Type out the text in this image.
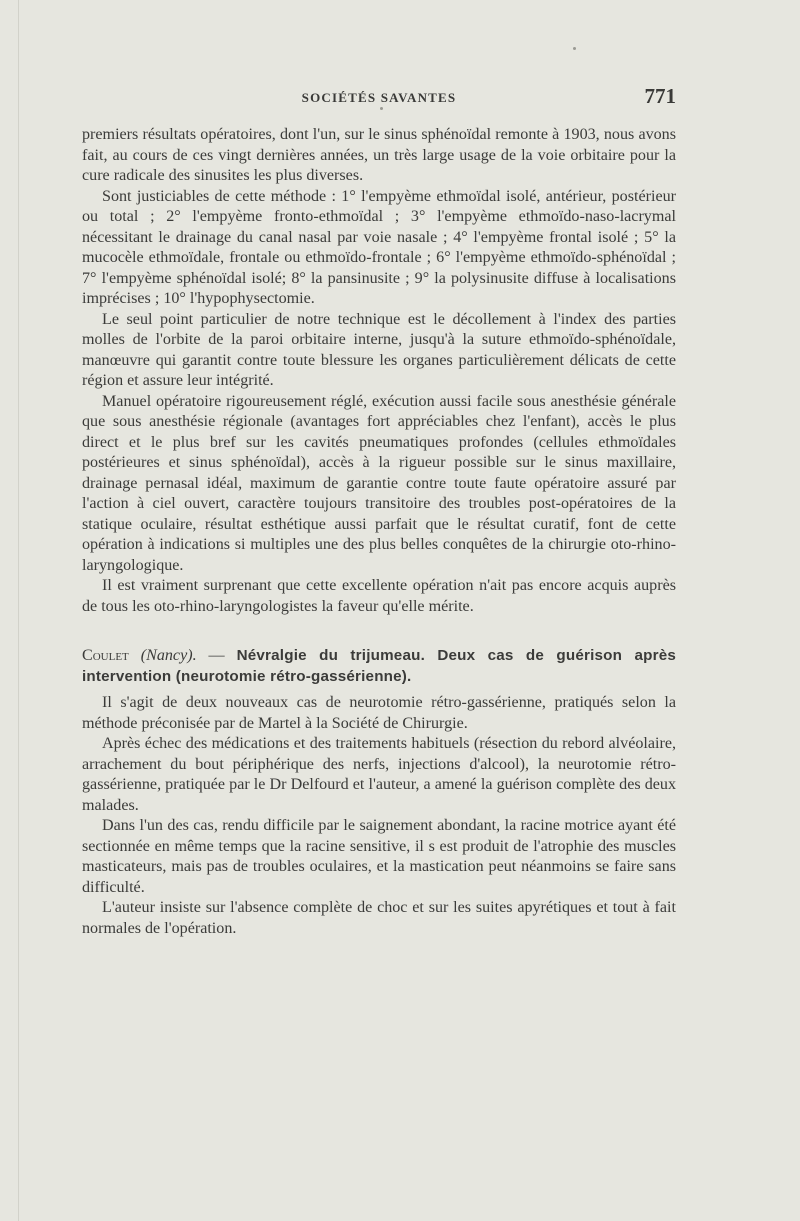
SOCIÉTÉS SAVANTES	771

premiers résultats opératoires, dont l'un, sur le sinus sphénoïdal remonte à 1903, nous avons fait, au cours de ces vingt dernières années, un très large usage de la voie orbitaire pour la cure radicale des sinusites les plus diverses.

Sont justiciables de cette méthode : 1° l'empyème ethmoïdal isolé, antérieur, postérieur ou total ; 2° l'empyème fronto-ethmoïdal ; 3° l'empyème ethmoïdo-naso-lacrymal nécessitant le drainage du canal nasal par voie nasale ; 4° l'empyème frontal isolé ; 5° la mucocèle ethmoïdale, frontale ou ethmoïdo-frontale ; 6° l'empyème ethmoïdo-sphénoïdal ; 7° l'empyème sphénoïdal isolé; 8° la pansinusite ; 9° la polysinusite diffuse à localisations imprécises ; 10° l'hypophysectomie.

Le seul point particulier de notre technique est le décollement à l'index des parties molles de l'orbite de la paroi orbitaire interne, jusqu'à la suture ethmoïdo-sphénoïdale, manœuvre qui garantit contre toute blessure les organes particulièrement délicats de cette région et assure leur intégrité.

Manuel opératoire rigoureusement réglé, exécution aussi facile sous anesthésie générale que sous anesthésie régionale (avantages fort appréciables chez l'enfant), accès le plus direct et le plus bref sur les cavités pneumatiques profondes (cellules ethmoïdales postérieures et sinus sphénoïdal), accès à la rigueur possible sur le sinus maxillaire, drainage pernasal idéal, maximum de garantie contre toute faute opératoire assuré par l'action à ciel ouvert, caractère toujours transitoire des troubles post-opératoires de la statique oculaire, résultat esthétique aussi parfait que le résultat curatif, font de cette opération à indications si multiples une des plus belles conquêtes de la chirurgie oto-rhino-laryngologique.

Il est vraiment surprenant que cette excellente opération n'ait pas encore acquis auprès de tous les oto-rhino-laryngologistes la faveur qu'elle mérite.

Coulet (Nancy). — Névralgie du trijumeau. Deux cas de guérison après intervention (neurotomie rétro-gassérienne).

Il s'agit de deux nouveaux cas de neurotomie rétro-gassérienne, pratiqués selon la méthode préconisée par de Martel à la Société de Chirurgie.

Après échec des médications et des traitements habituels (résection du rebord alvéolaire, arrachement du bout périphérique des nerfs, injections d'alcool), la neurotomie rétro-gassérienne, pratiquée par le Dr Delfourd et l'auteur, a amené la guérison complète des deux malades.

Dans l'un des cas, rendu difficile par le saignement abondant, la racine motrice ayant été sectionnée en même temps que la racine sensitive, il s est produit de l'atrophie des muscles masticateurs, mais pas de troubles oculaires, et la mastication peut néanmoins se faire sans difficulté.

L'auteur insiste sur l'absence complète de choc et sur les suites apyrétiques et tout à fait normales de l'opération.
